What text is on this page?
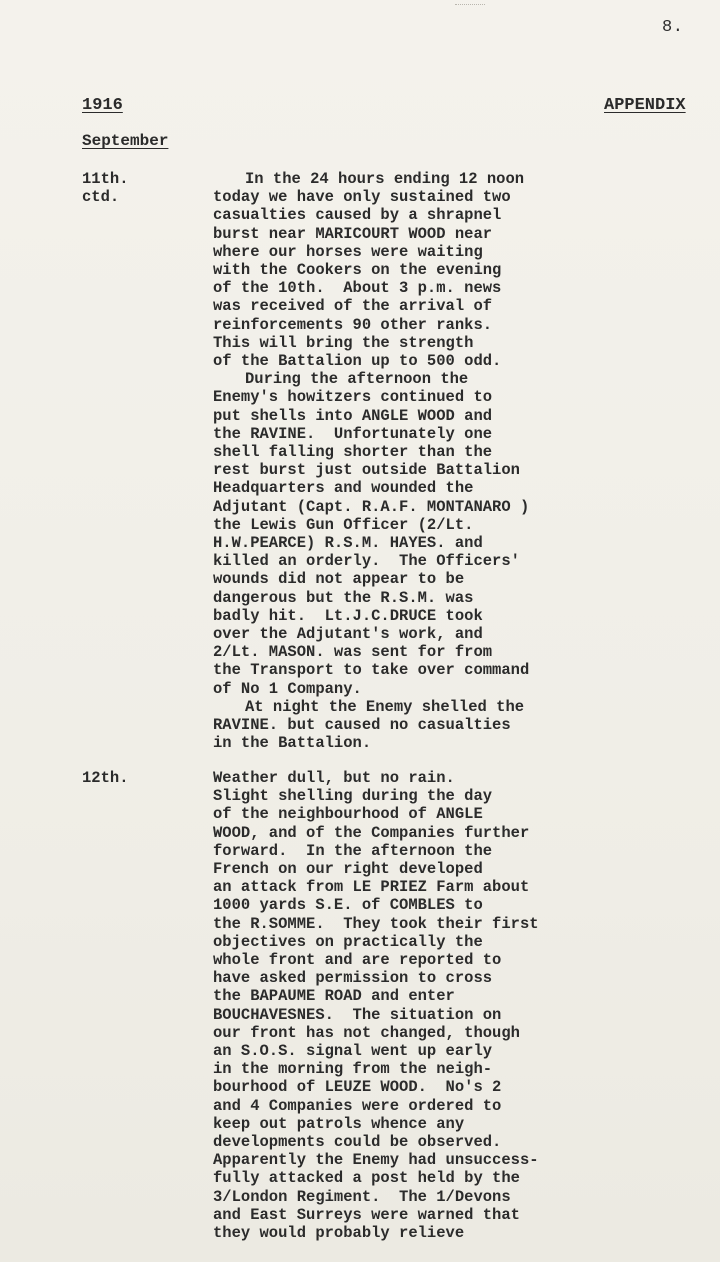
8.
1916	APPENDIX
September
11th.
ctd.
In the 24 hours ending 12 noon
today we have only sustained two
casualties caused by a shrapnel
burst near MARICOURT WOOD near
where our horses were waiting
with the Cookers on the evening
of the 10th.  About 3 p.m. news
was received of the arrival of
reinforcements 90 other ranks.
This will bring the strength
of the Battalion up to 500 odd.
During the afternoon the
Enemy's howitzers continued to
put shells into ANGLE WOOD and
the RAVINE.  Unfortunately one
shell falling shorter than the
rest burst just outside Battalion
Headquarters and wounded the
Adjutant (Capt. R.A.F. MONTANARO )
the Lewis Gun Officer (2/Lt.
H.W.PEARCE) R.S.M. HAYES. and
killed an orderly.  The Officers'
wounds did not appear to be
dangerous but the R.S.M. was
badly hit.  Lt.J.C.DRUCE took
over the Adjutant's work, and
2/Lt. MASON. was sent for from
the Transport to take over command
of No 1 Company.
At night the Enemy shelled the
RAVINE. but caused no casualties
in the Battalion.
12th.	Weather dull, but no rain.
Slight shelling during the day
of the neighbourhood of ANGLE
WOOD, and of the Companies further
forward.  In the afternoon the
French on our right developed
an attack from LE PRIEZ Farm about
1000 yards S.E. of COMBLES to
the R.SOMME.  They took their first
objectives on practically the
whole front and are reported to
have asked permission to cross
the BAPAUME ROAD and enter
BOUCHAVESNES.  The situation on
our front has not changed, though
an S.O.S. signal went up early
in the morning from the neigh-
bourhood of LEUZE WOOD.  No's 2
and 4 Companies were ordered to
keep out patrols whence any
developments could be observed.
Apparently the Enemy had unsuccess-
fully attacked a post held by the
3/London Regiment.  The 1/Devons
and East Surreys were warned that
they would probably relieve
